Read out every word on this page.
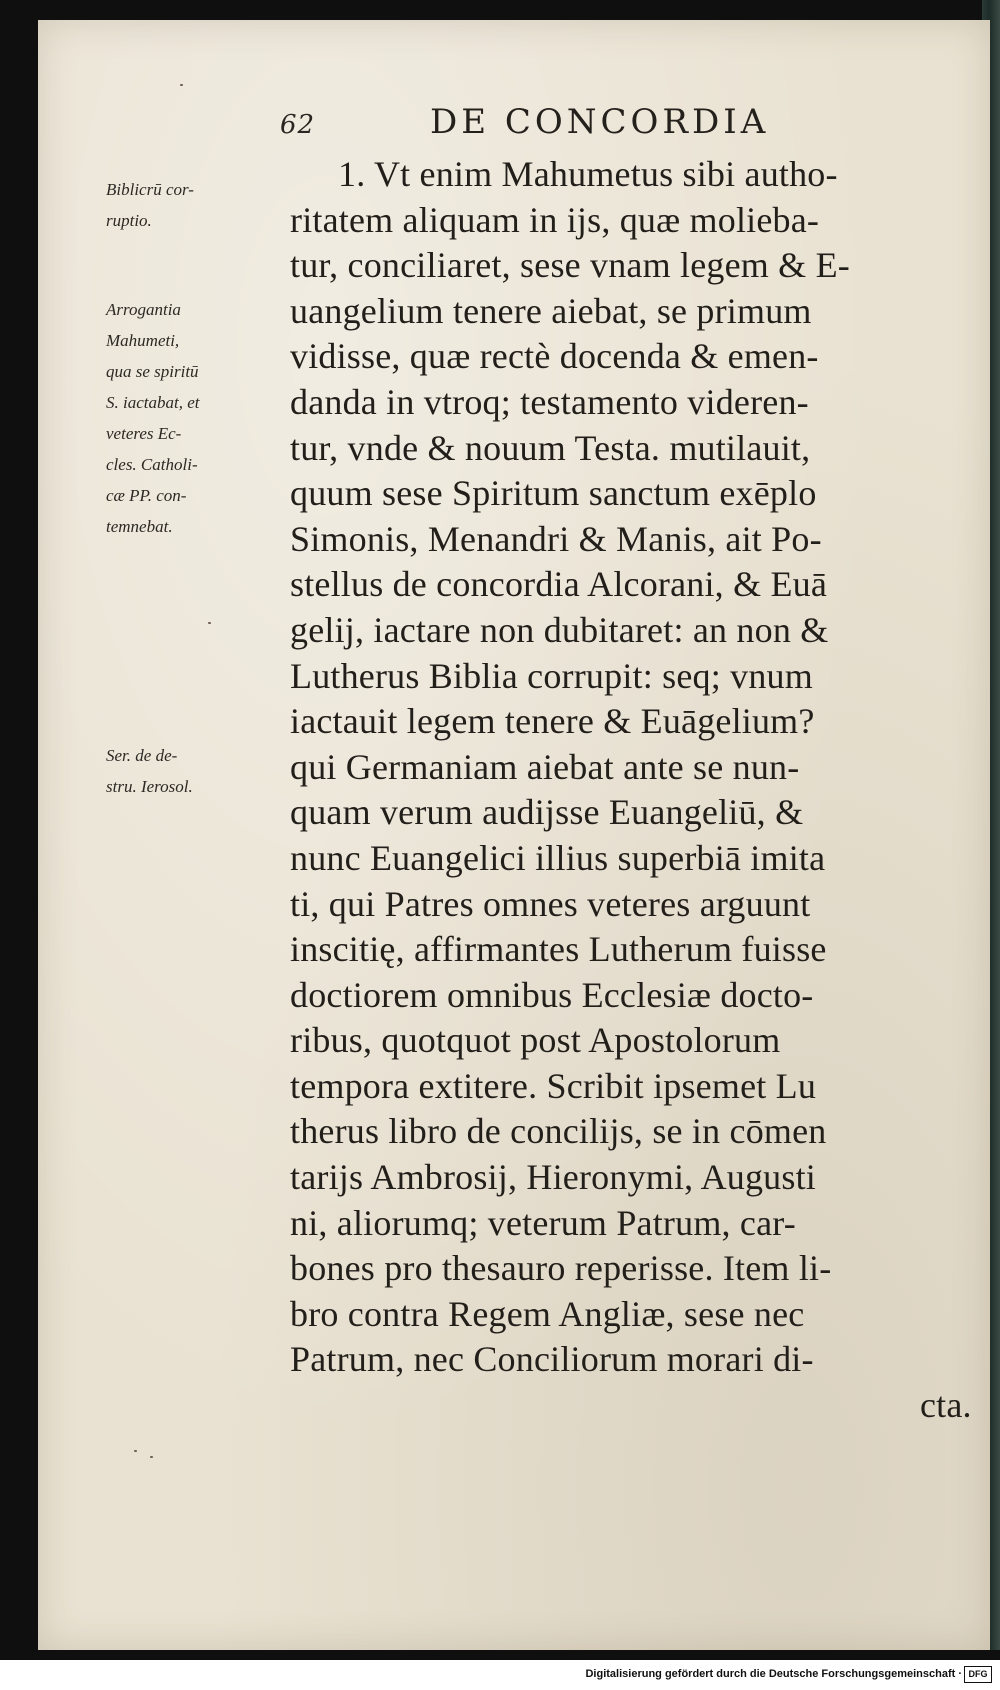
62	DE CONCORDIA
Biblicrū cor-
ruptio.
Arrogantia
Mahumeti,
qua se spiritū
S. iactabat, et
veteres Ec-
cles. Catholi-
cæ PP. con-
temnebat.
Ser. de de-
stru. Ierosol.
1. Vt enim Mahumetus sibi autho-
ritatem aliquam in ijs, quæ molieba-
tur, conciliaret, sese vnam legem & E-
uangelium tenere aiebat, se primum
vidisse, quæ rectè docenda & emen-
danda in vtroq; testamento videren-
tur, vnde & nouum Testa. mutilauit,
quum sese Spiritum sanctum exēplo
Simonis, Menandri & Manis, ait Po-
stellus de concordia Alcorani, & Euā
gelij, iactare non dubitaret: an non &
Lutherus Biblia corrupit: seq; vnum
iactauit legem tenere & Euāgelium?
qui Germaniam aiebat ante se nun-
quam verum audijsse Euangeliū, &
nunc Euangelici illius superbiā imita
ti, qui Patres omnes veteres arguunt
inscitię, affirmantes Lutherum fuisse
doctiorem omnibus Ecclesiæ docto-
ribus, quotquot post Apostolorum
tempora extitere. Scribit ipsemet Lu
therus libro de concilijs, se in cōmen
tarijs Ambrosij, Hieronymi, Augusti
ni, aliorumq; veterum Patrum, car-
bones pro thesauro reperisse. Item li-
bro contra Regem Angliæ, sese nec
Patrum, nec Conciliorum morari di-
cta.
Digitalisierung gefördert durch die Deutsche Forschungsgemeinschaft · DFG
